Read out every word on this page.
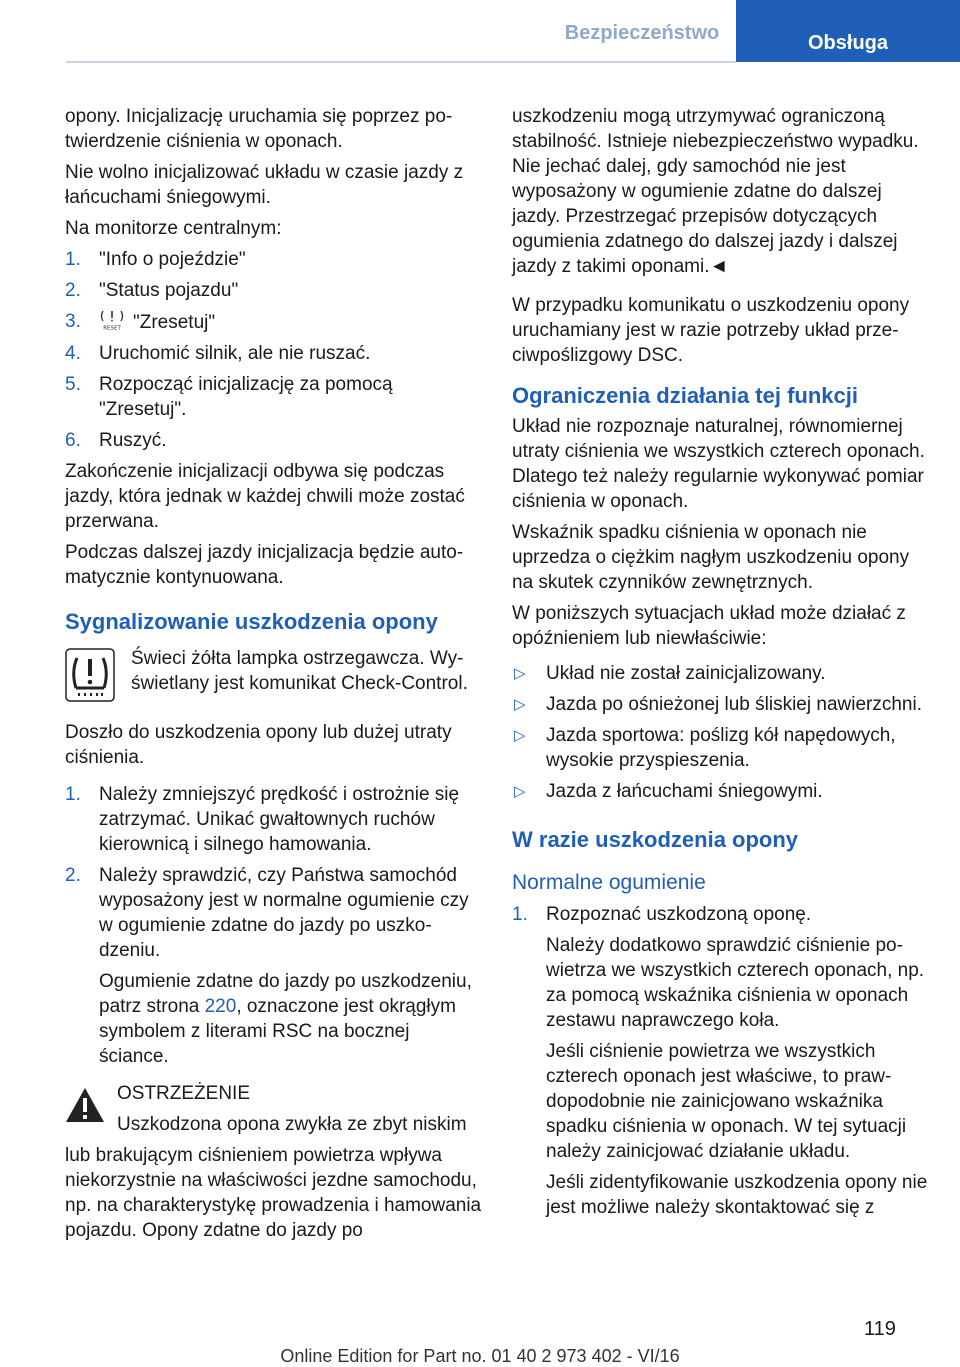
Bezpieczeństwo	Obsługa

opony. Inicjalizację uruchamia się poprzez potwierdzenie ciśnienia w oponach.

Nie wolno inicjalizować układu w czasie jazdy z łańcuchami śniegowymi.

Na monitorze centralnym:

1. "Info o pojeździe"
2. "Status pojazdu"
3.	RESET "Zresetuj"
4. Uruchomić silnik, ale nie ruszać.
5. Rozpocząć inicjalizację za pomocą "Zresetuj".
6. Ruszyć.

Zakończenie inicjalizacji odbywa się podczas jazdy, która jednak w każdej chwili może zostać przerwana.

Podczas dalszej jazdy inicjalizacja będzie automatycznie kontynuowana.

Sygnalizowanie uszkodzenia opony
Świeci żółta lampka ostrzegawcza. Wyświetlany jest komunikat Check-Control.

Doszło do uszkodzenia opony lub dużej utraty ciśnienia.

1. Należy zmniejszyć prędkość i ostrożnie się zatrzymać. Unikać gwałtownych ruchów kierownicą i silnego hamowania.
2. Należy sprawdzić, czy Państwa samochód wyposażony jest w normalne ogumienie czy w ogumienie zdatne do jazdy po uszkodzeniu.

Ogumienie zdatne do jazdy po uszkodzeniu, patrz strona 220, oznaczone jest okrągłym symbolem z literami RSC na bocznej ściance.

OSTRZEŻENIE
Uszkodzona opona zwykła ze zbyt niskim
lub brakującym ciśnieniem powietrza wpływa niekorzystnie na właściwości jezdne samochodu, np. na charakterystykę prowadzenia i hamowania pojazdu. Opony zdatne do jazdy po

uszkodzeniu mogą utrzymywać ograniczoną stabilność. Istnieje niebezpieczeństwo wypadku. Nie jechać dalej, gdy samochód nie jest wyposażony w ogumienie zdatne do dalszej jazdy. Przestrzegać przepisów dotyczących ogumienia zdatnego do dalszej jazdy i dalszej jazdy z takimi oponami.◄

W przypadku komunikatu o uszkodzeniu opony uruchamiany jest w razie potrzeby układ przeciwpoślizgowy DSC.

Ograniczenia działania tej funkcji

Układ nie rozpoznaje naturalnej, równomiernej utraty ciśnienia we wszystkich czterech oponach. Dlatego też należy regularnie wykonywać pomiar ciśnienia w oponach.

Wskaźnik spadku ciśnienia w oponach nie uprzedza o ciężkim nagłym uszkodzeniu opony na skutek czynników zewnętrznych.

W poniższych sytuacjach układ może działać z opóźnieniem lub niewłaściwie:

▷ Układ nie został zainicjalizowany.
▷ Jazda po ośnieżonej lub śliskiej nawierzchni.
▷ Jazda sportowa: poślizg kół napędowych, wysokie przyspieszenia.
▷ Jazda z łańcuchami śniegowymi.
W razie uszkodzenia opony
Normalne ogumienie
1. Rozpoznać uszkodzoną oponę.

Należy dodatkowo sprawdzić ciśnienie powietrza we wszystkich czterech oponach, np. za pomocą wskaźnika ciśnienia w oponach zestawu naprawczego koła.

Jeśli ciśnienie powietrza we wszystkich czterech oponach jest właściwe, to prawdopodobnie nie zainicjowano wskaźnika spadku ciśnienia w oponach. W tej sytuacji należy zainicjować działanie układu.

Jeśli zidentyfikowanie uszkodzenia opony nie jest możliwe należy skontaktować się z

119
Online Edition for Part no. 01 40 2 973 402 - VI/16
